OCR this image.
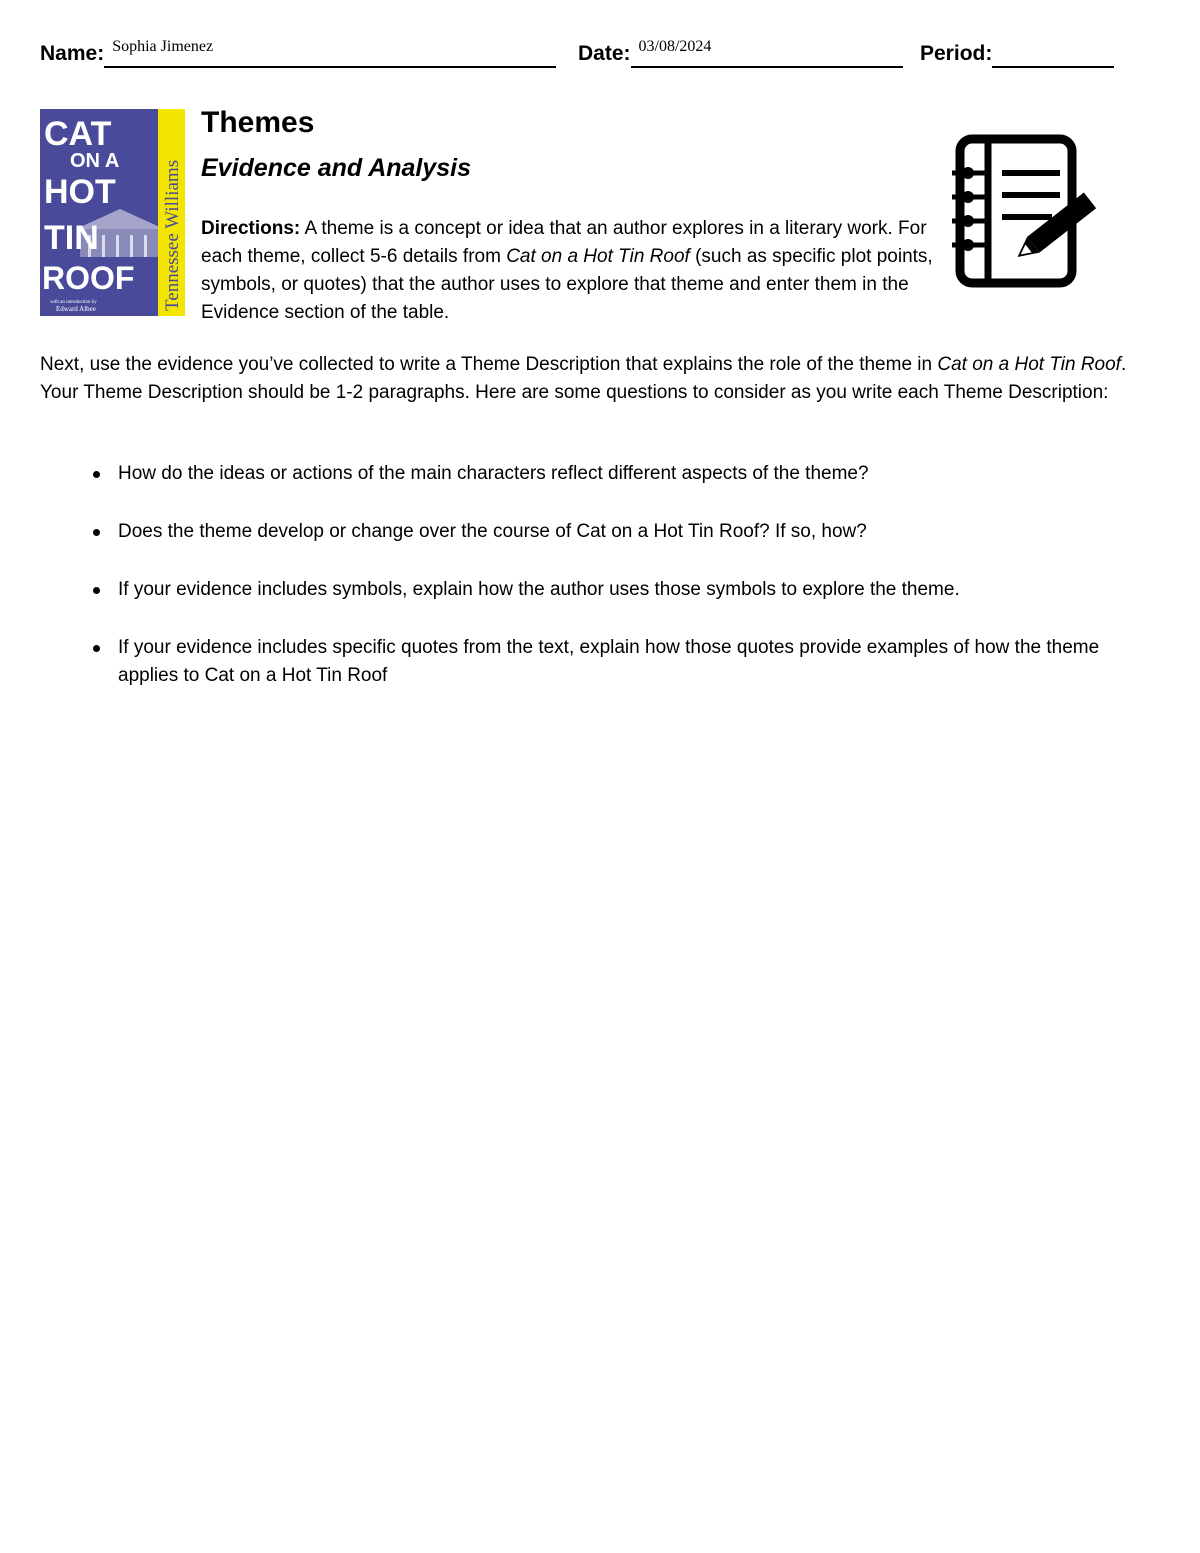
Name: Sophia Jimenez	Date: 03/08/2024	Period:
CAT
ON A
HOT
TIN
ROOF
with an introduction by
Edward Albee	Tennessee Williams
Themes
Evidence and Analysis
Directions: A theme is a concept or idea that an author explores in a literary work. For each theme, collect 5-6 details from Cat on a Hot Tin Roof (such as specific plot points, symbols, or quotes) that the author uses to explore that theme and enter them in the Evidence section of the table.
Next, use the evidence you’ve collected to write a Theme Description that explains the role of the theme in Cat on a Hot Tin Roof. Your Theme Description should be 1-2 paragraphs. Here are some questions to consider as you write each Theme Description:
How do the ideas or actions of the main characters reflect different aspects of the theme?
Does the theme develop or change over the course of Cat on a Hot Tin Roof? If so, how?
If your evidence includes symbols, explain how the author uses those symbols to explore the theme.
If your evidence includes specific quotes from the text, explain how those quotes provide examples of how the theme applies to Cat on a Hot Tin Roof
